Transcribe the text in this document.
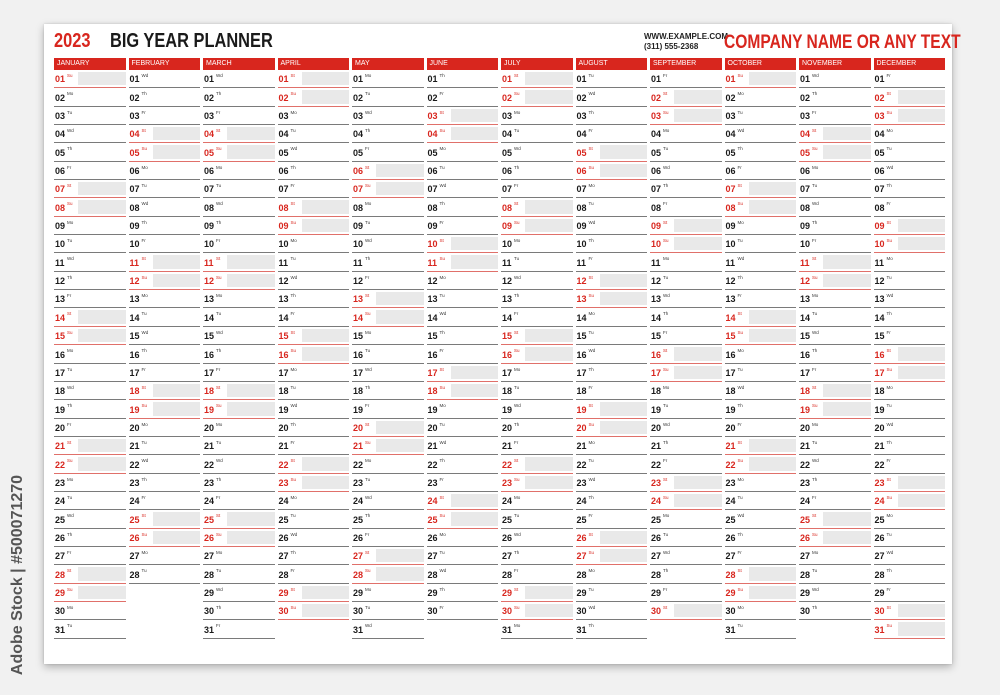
2023 BIG YEAR PLANNER	WWW.EXAMPLE.COM
(311) 555-2368	COMPANY NAME OR ANY TEXT
JANUARY
01 Su
02 Mo
03 Tu
04 Wd
05 Th
06 Fr
07 St
08 Su
09 Mo
10 Tu
11 Wd
12 Th
13 Fr
14 St
15 Su
16 Mo
17 Tu
18 Wd
19 Th
20 Fr
21 St
22 Su
23 Mo
24 Tu
25 Wd
26 Th
27 Fr
28 St
29 Su
30 Mo
31 Tu
FEBRUARY
01 Wd
02 Th
03 Fr
04 St
05 Su
06 Mo
07 Tu
08 Wd
09 Th
10 Fr
11 St
12 Su
13 Mo
14 Tu
15 Wd
16 Th
17 Fr
18 St
19 Su
20 Mo
21 Tu
22 Wd
23 Th
24 Fr
25 St
26 Su
27 Mo
28 Tu
MARCH
01 Wd
02 Th
03 Fr
04 St
05 Su
06 Mo
07 Tu
08 Wd
09 Th
10 Fr
11 St
12 Su
13 Mo
14 Tu
15 Wd
16 Th
17 Fr
18 St
19 Su
20 Mo
21 Tu
22 Wd
23 Th
24 Fr
25 St
26 Su
27 Mo
28 Tu
29 Wd
30 Th
31 Fr
APRIL
01 St
02 Su
03 Mo
04 Tu
05 Wd
06 Th
07 Fr
08 St
09 Su
10 Mo
11 Tu
12 Wd
13 Th
14 Fr
15 St
16 Su
17 Mo
18 Tu
19 Wd
20 Th
21 Fr
22 St
23 Su
24 Mo
25 Tu
26 Wd
27 Th
28 Fr
29 St
30 Su
MAY
01 Mo
02 Tu
03 Wd
04 Th
05 Fr
06 St
07 Su
08 Mo
09 Tu
10 Wd
11 Th
12 Fr
13 St
14 Su
15 Mo
16 Tu
17 Wd
18 Th
19 Fr
20 St
21 Su
22 Mo
23 Tu
24 Wd
25 Th
26 Fr
27 St
28 Su
29 Mo
30 Tu
31 Wd
JUNE
01 Th
02 Fr
03 St
04 Su
05 Mo
06 Tu
07 Wd
08 Th
09 Fr
10 St
11 Su
12 Mo
13 Tu
14 Wd
15 Th
16 Fr
17 St
18 Su
19 Mo
20 Tu
21 Wd
22 Th
23 Fr
24 St
25 Su
26 Mo
27 Tu
28 Wd
29 Th
30 Fr
JULY
01 St
02 Su
03 Mo
04 Tu
05 Wd
06 Th
07 Fr
08 St
09 Su
10 Mo
11 Tu
12 Wd
13 Th
14 Fr
15 St
16 Su
17 Mo
18 Tu
19 Wd
20 Th
21 Fr
22 St
23 Su
24 Mo
25 Tu
26 Wd
27 Th
28 Fr
29 St
30 Su
31 Mo
AUGUST
01 Tu
02 Wd
03 Th
04 Fr
05 St
06 Su
07 Mo
08 Tu
09 Wd
10 Th
11 Fr
12 St
13 Su
14 Mo
15 Tu
16 Wd
17 Th
18 Fr
19 St
20 Su
21 Mo
22 Tu
23 Wd
24 Th
25 Fr
26 St
27 Su
28 Mo
29 Tu
30 Wd
31 Th
SEPTEMBER
01 Fr
02 St
03 Su
04 Mo
05 Tu
06 Wd
07 Th
08 Fr
09 St
10 Su
11 Mo
12 Tu
13 Wd
14 Th
15 Fr
16 St
17 Su
18 Mo
19 Tu
20 Wd
21 Th
22 Fr
23 St
24 Su
25 Mo
26 Tu
27 Wd
28 Th
29 Fr
30 St
OCTOBER
01 Su
02 Mo
03 Tu
04 Wd
05 Th
06 Fr
07 St
08 Su
09 Mo
10 Tu
11 Wd
12 Th
13 Fr
14 St
15 Su
16 Mo
17 Tu
18 Wd
19 Th
20 Fr
21 St
22 Su
23 Mo
24 Tu
25 Wd
26 Th
27 Fr
28 St
29 Su
30 Mo
31 Tu
NOVEMBER
01 Wd
02 Th
03 Fr
04 St
05 Su
06 Mo
07 Tu
08 Wd
09 Th
10 Fr
11 St
12 Su
13 Mo
14 Tu
15 Wd
16 Th
17 Fr
18 St
19 Su
20 Mo
21 Tu
22 Wd
23 Th
24 Fr
25 St
26 Su
27 Mo
28 Tu
29 Wd
30 Th
DECEMBER
01 Fr
02 St
03 Su
04 Mo
05 Tu
06 Wd
07 Th
08 Fr
09 St
10 Su
11 Mo
12 Tu
13 Wd
14 Th
15 Fr
16 St
17 Su
18 Mo
19 Tu
20 Wd
21 Th
22 Fr
23 St
24 Su
25 Mo
26 Tu
27 Wd
28 Th
29 Fr
30 St
31 Su
Adobe Stock | #500071270
